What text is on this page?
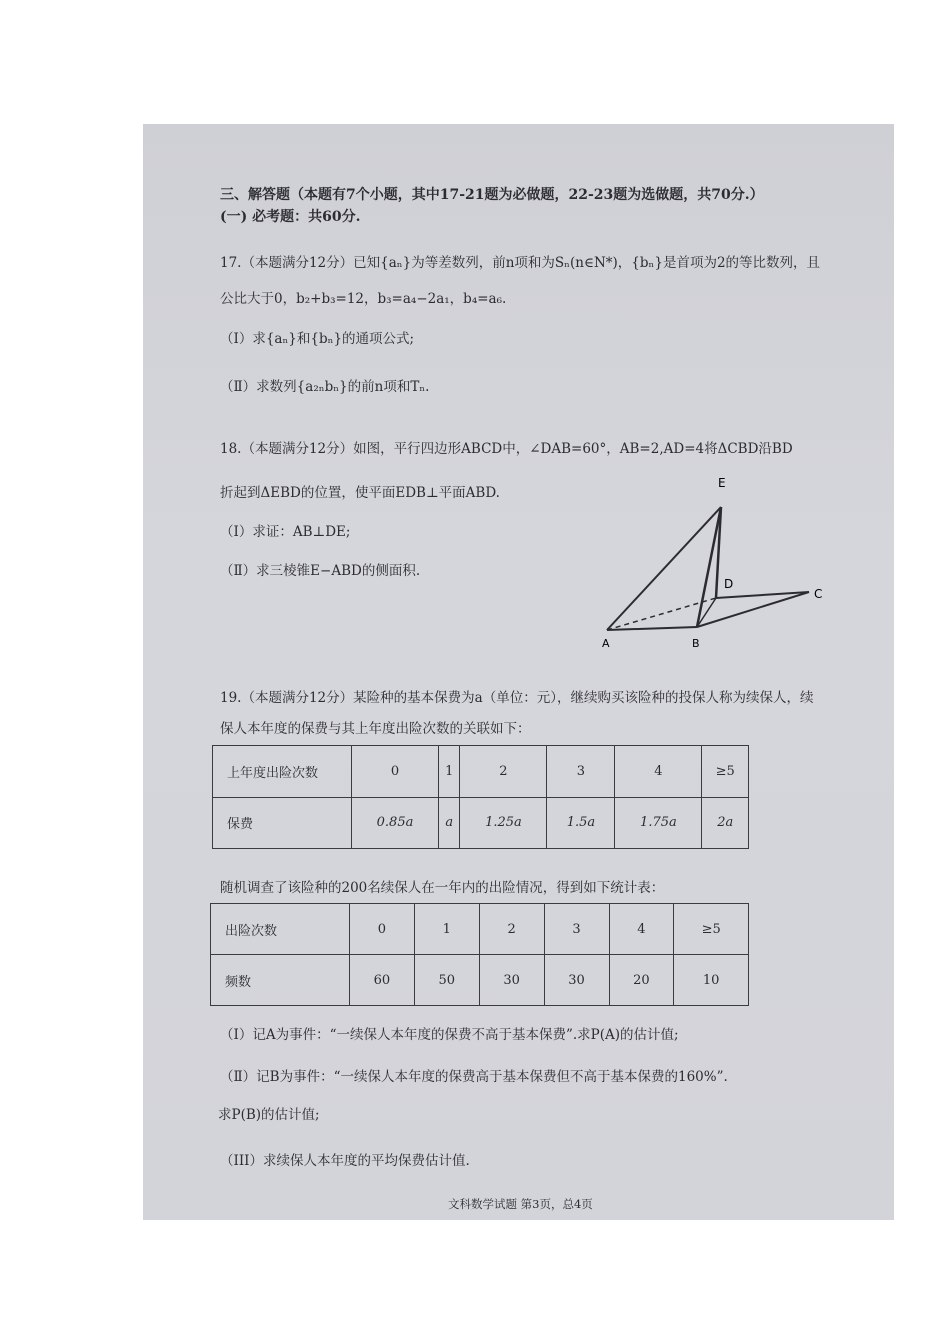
三、解答题（本题有7个小题，其中17-21题为必做题，22-23题为选做题，共70分.）
(一) 必考题：共60分.
17.（本题满分12分）已知{aₙ}为等差数列，前n项和为Sₙ(n∈N*)，{bₙ}是首项为2的等比数列，且
公比大于0，b₂+b₃=12，b₃=a₄−2a₁，b₄=a₆.
（Ⅰ）求{aₙ}和{bₙ}的通项公式;
（Ⅱ）求数列{a₂ₙbₙ}的前n项和Tₙ.
18.（本题满分12分）如图，平行四边形ABCD中，∠DAB=60°，AB=2,AD=4将ΔCBD沿BD
折起到ΔEBD的位置，使平面EDB⊥平面ABD.
（Ⅰ）求证：AB⊥DE;
（Ⅱ）求三棱锥E−ABD的侧面积.
E
D
C
A	B
19.（本题满分12分）某险种的基本保费为a（单位：元），继续购买该险种的投保人称为续保人，续
保人本年度的保费与其上年度出险次数的关联如下：
上年度出险次数	0	1	2	3	4	≥5
保费	0.85a	a	1.25a	1.5a	1.75a	2a
随机调查了该险种的200名续保人在一年内的出险情况，得到如下统计表：
出险次数	0	1	2	3	4	≥5
频数	60	50	30	30	20	10
（Ⅰ）记A为事件：“一续保人本年度的保费不高于基本保费”.求P(A)的估计值;
（Ⅱ）记B为事件：“一续保人本年度的保费高于基本保费但不高于基本保费的160%”.
求P(B)的估计值;
（III）求续保人本年度的平均保费估计值.
文科数学试题 第3页，总4页
